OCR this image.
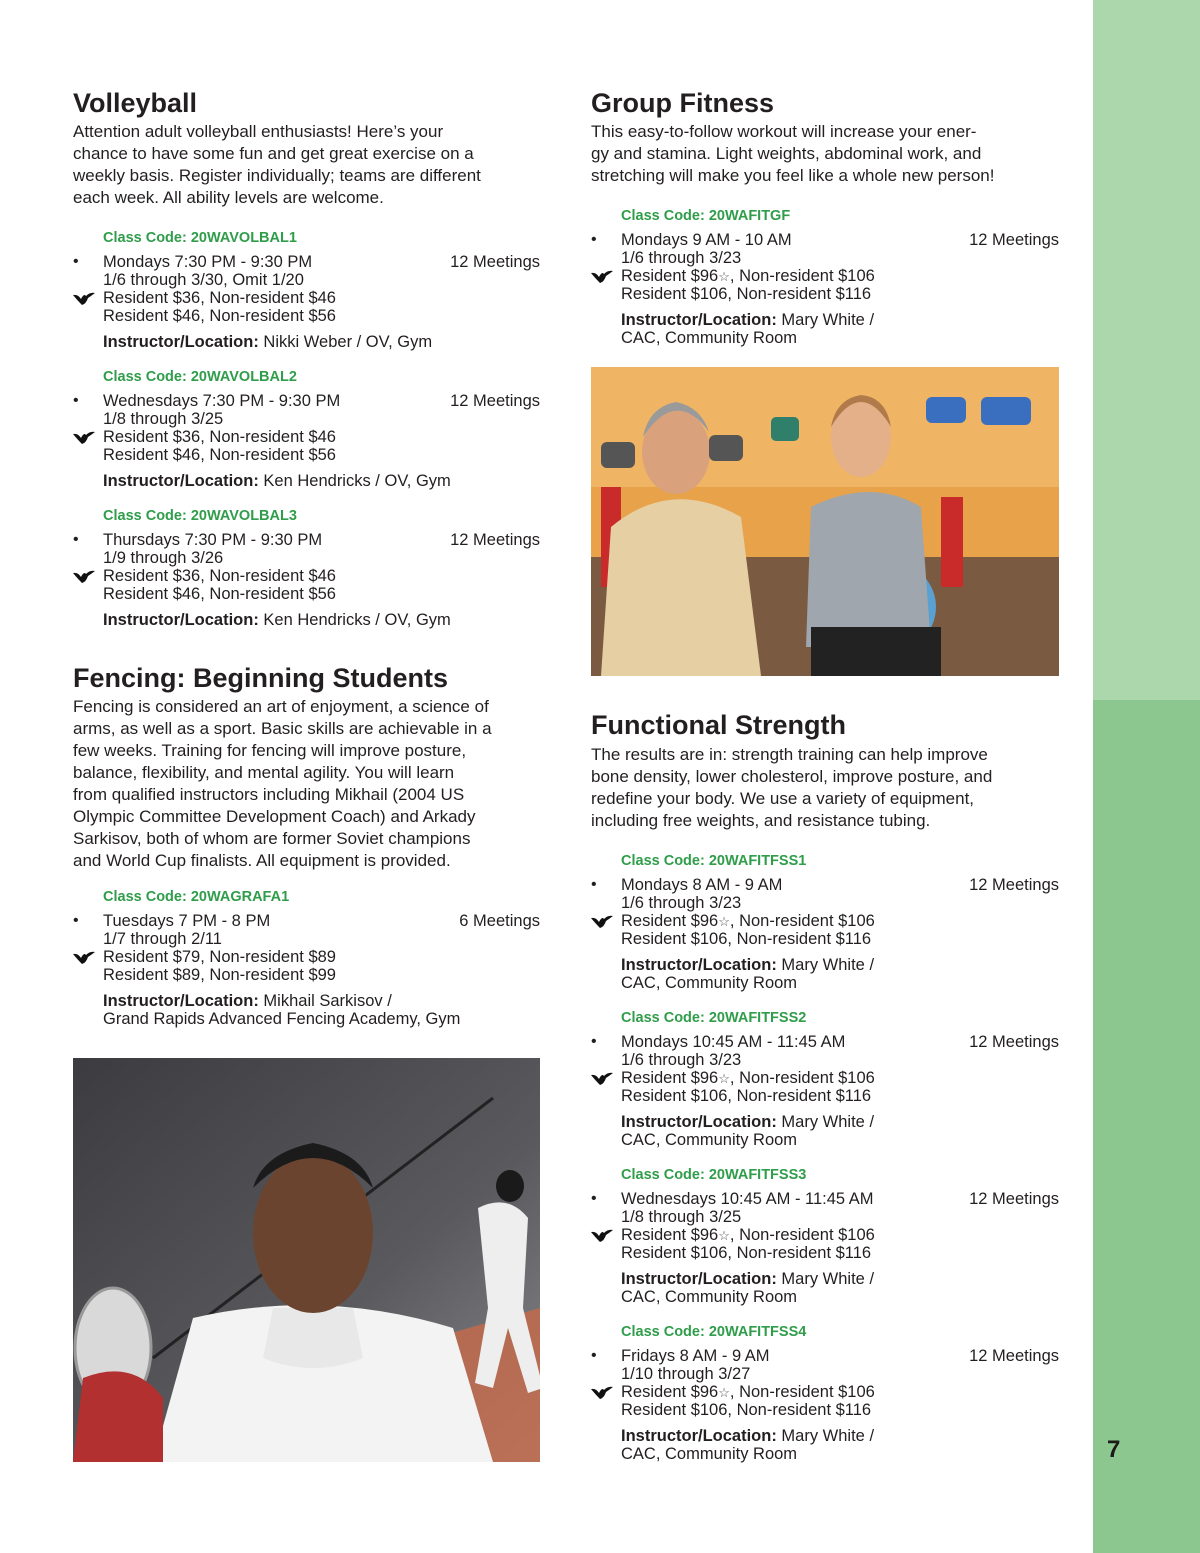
7
Volleyball
Attention adult volleyball enthusiasts! Here’s your
chance to have some fun and get great exercise on a
weekly basis. Register individually; teams are different
each week. All ability levels are welcome.
Class Code: 20WAVOLBAL1
• Mondays 7:30 PM - 9:30 PM	12 Meetings
1/6 through 3/30, Omit 1/20
Resident $36, Non-resident $46
Resident $46, Non-resident $56
Instructor/Location: Nikki Weber / OV, Gym
Class Code: 20WAVOLBAL2
• Wednesdays 7:30 PM - 9:30 PM	12 Meetings
1/8 through 3/25
Resident $36, Non-resident $46
Resident $46, Non-resident $56
Instructor/Location: Ken Hendricks / OV, Gym
Class Code: 20WAVOLBAL3
• Thursdays 7:30 PM - 9:30 PM	12 Meetings
1/9 through 3/26
Resident $36, Non-resident $46
Resident $46, Non-resident $56
Instructor/Location: Ken Hendricks / OV, Gym
Fencing: Beginning Students
Fencing is considered an art of enjoyment, a science of
arms, as well as a sport. Basic skills are achievable in a
few weeks. Training for fencing will improve posture,
balance, flexibility, and mental agility. You will learn
from qualified instructors including Mikhail (2004 US
Olympic Committee Development Coach) and Arkady
Sarkisov, both of whom are former Soviet champions
and World Cup finalists. All equipment is provided.
Class Code: 20WAGRAFA1
• Tuesdays 7 PM - 8 PM	6 Meetings
1/7 through 2/11
Resident $79, Non-resident $89
Resident $89, Non-resident $99
Instructor/Location: Mikhail Sarkisov /
Grand Rapids Advanced Fencing Academy, Gym
Group Fitness
This easy-to-follow workout will increase your ener-
gy and stamina. Light weights, abdominal work, and
stretching will make you feel like a whole new person!
Class Code: 20WAFITGF
• Mondays 9 AM - 10 AM	12 Meetings
1/6 through 3/23
Resident $96☆, Non-resident $106
Resident $106, Non-resident $116
Instructor/Location: Mary White /
CAC, Community Room
Functional Strength
The results are in: strength training can help improve
bone density, lower cholesterol, improve posture, and
redefine your body. We use a variety of equipment,
including free weights, and resistance tubing.
Class Code: 20WAFITFSS1
• Mondays 8 AM - 9 AM	12 Meetings
1/6 through 3/23
Resident $96☆, Non-resident $106
Resident $106, Non-resident $116
Instructor/Location: Mary White /
CAC, Community Room
Class Code: 20WAFITFSS2
• Mondays 10:45 AM - 11:45 AM	12 Meetings
1/6 through 3/23
Resident $96☆, Non-resident $106
Resident $106, Non-resident $116
Instructor/Location: Mary White /
CAC, Community Room
Class Code: 20WAFITFSS3
• Wednesdays 10:45 AM - 11:45 AM	12 Meetings
1/8 through 3/25
Resident $96☆, Non-resident $106
Resident $106, Non-resident $116
Instructor/Location: Mary White /
CAC, Community Room
Class Code: 20WAFITFSS4
• Fridays 8 AM - 9 AM	12 Meetings
1/10 through 3/27
Resident $96☆, Non-resident $106
Resident $106, Non-resident $116
Instructor/Location: Mary White /
CAC, Community Room
